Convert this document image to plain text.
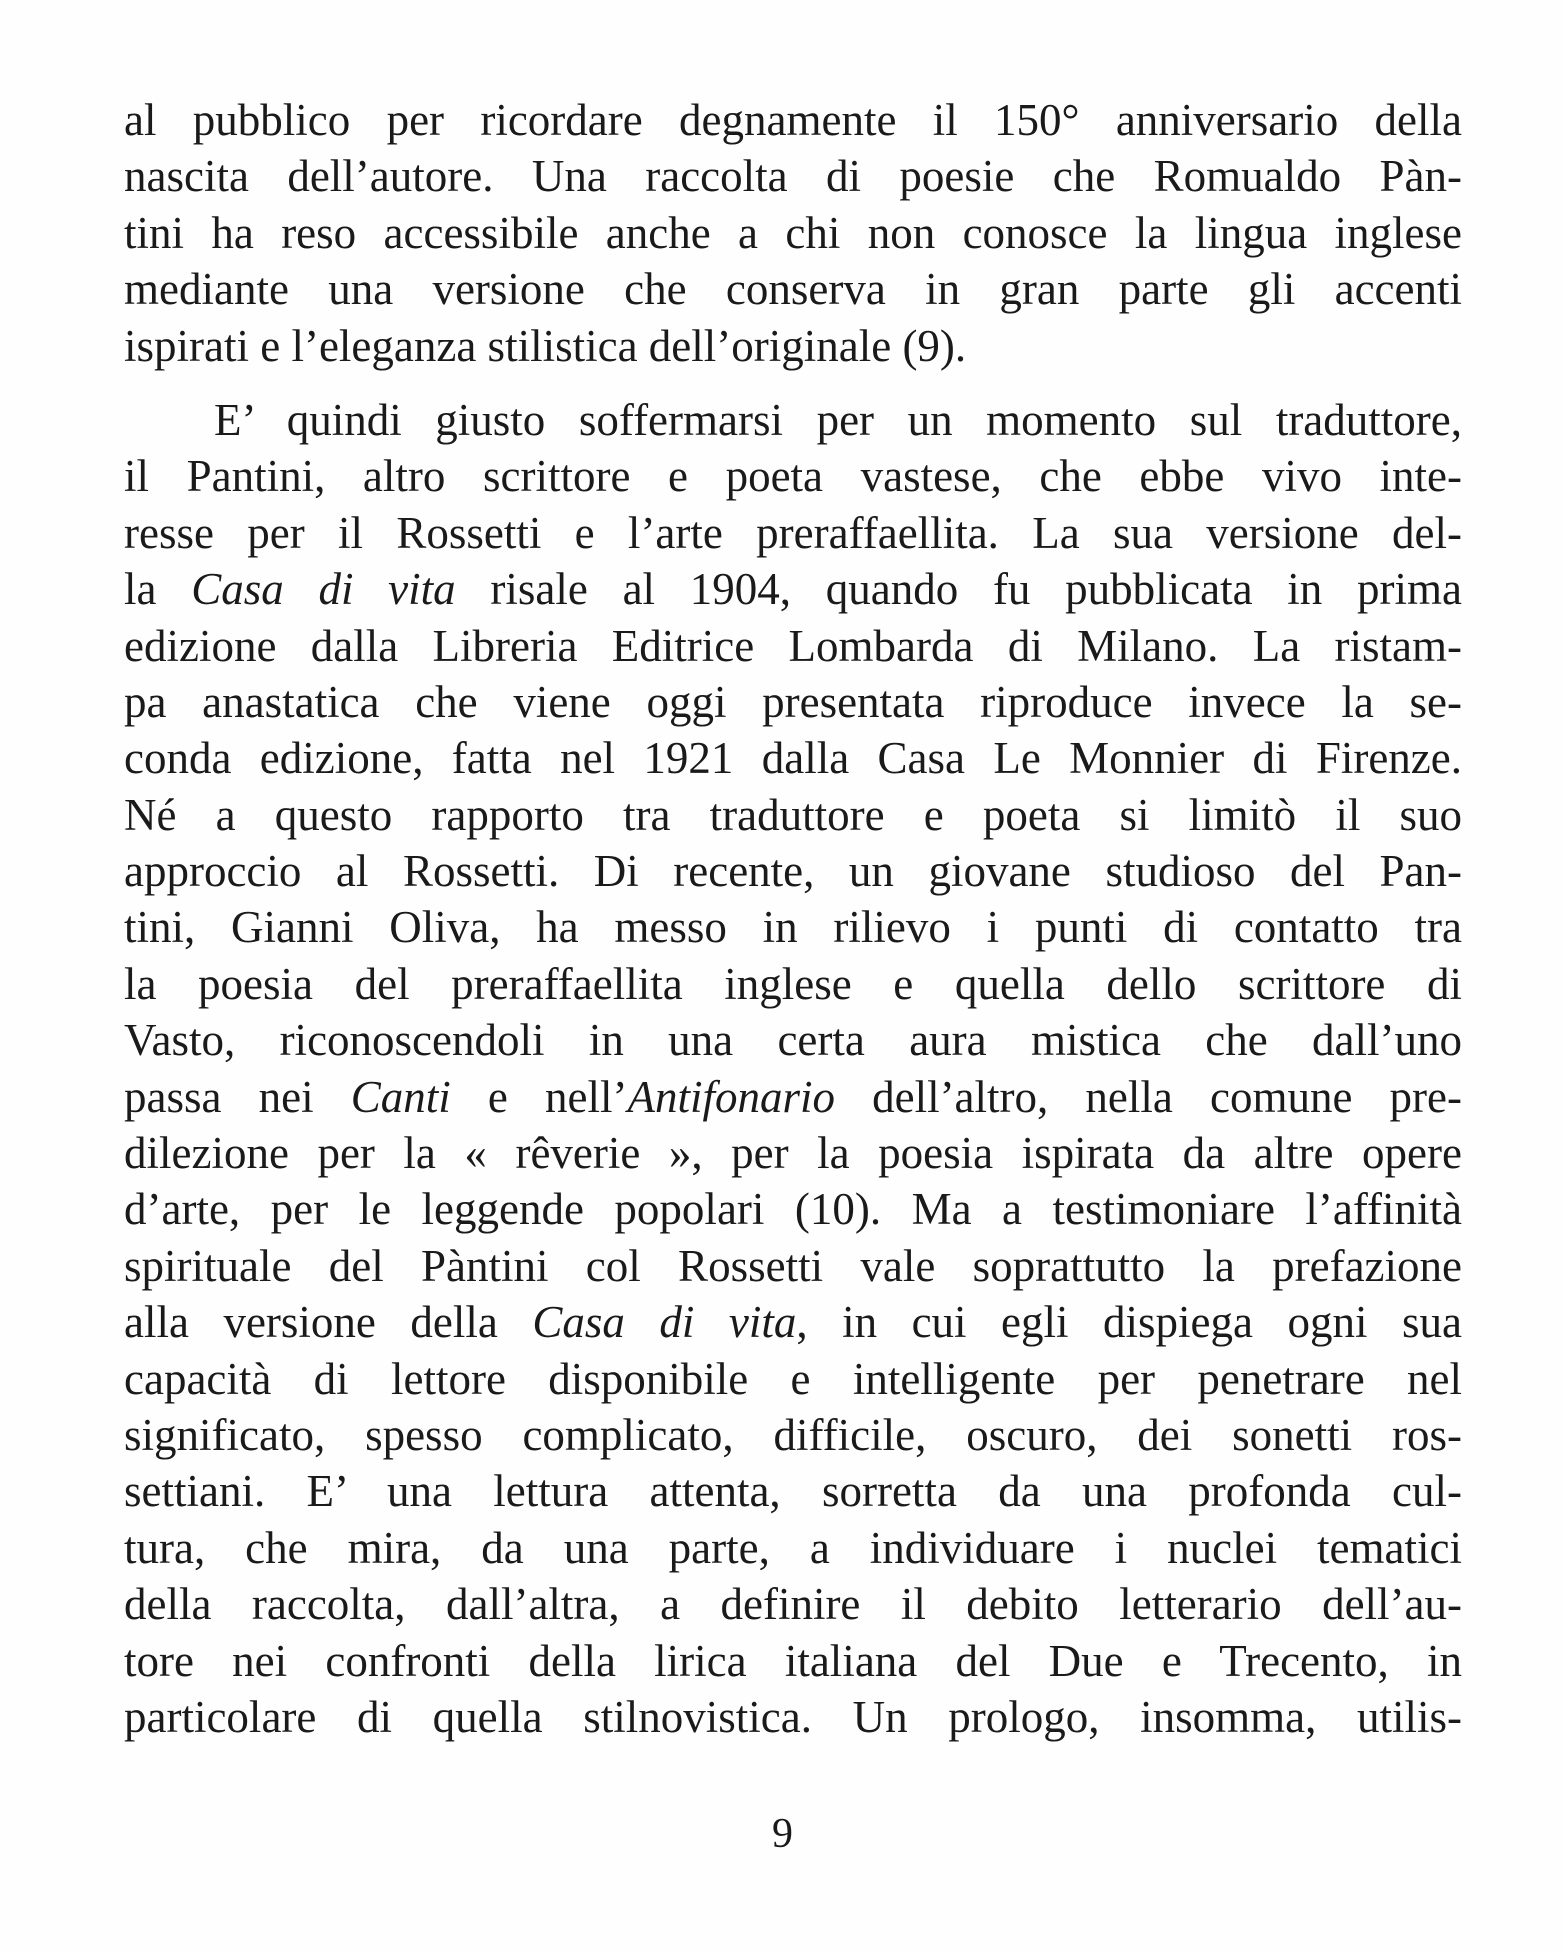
al pubblico per ricordare degnamente il 150° anniversario della
nascita dell’autore. Una raccolta di poesie che Romualdo Pàn-
tini ha reso accessibile anche a chi non conosce la lingua inglese
mediante una versione che conserva in gran parte gli accenti
ispirati e l’eleganza stilistica dell’originale (9).
E’ quindi giusto soffermarsi per un momento sul traduttore,
il Pantini, altro scrittore e poeta vastese, che ebbe vivo inte-
resse per il Rossetti e l’arte preraffaellita. La sua versione del-
la Casa di vita risale al 1904, quando fu pubblicata in prima
edizione dalla Libreria Editrice Lombarda di Milano. La ristam-
pa anastatica che viene oggi presentata riproduce invece la se-
conda edizione, fatta nel 1921 dalla Casa Le Monnier di Firenze.
Né a questo rapporto tra traduttore e poeta si limitò il suo
approccio al Rossetti. Di recente, un giovane studioso del Pan-
tini, Gianni Oliva, ha messo in rilievo i punti di contatto tra
la poesia del preraffaellita inglese e quella dello scrittore di
Vasto, riconoscendoli in una certa aura mistica che dall’uno
passa nei Canti e nell’Antifonario dell’altro, nella comune pre-
dilezione per la « rêverie », per la poesia ispirata da altre opere
d’arte, per le leggende popolari (10). Ma a testimoniare l’affinità
spirituale del Pàntini col Rossetti vale soprattutto la prefazione
alla versione della Casa di vita, in cui egli dispiega ogni sua
capacità di lettore disponibile e intelligente per penetrare nel
significato, spesso complicato, difficile, oscuro, dei sonetti ros-
settiani. E’ una lettura attenta, sorretta da una profonda cul-
tura, che mira, da una parte, a individuare i nuclei tematici
della raccolta, dall’altra, a definire il debito letterario dell’au-
tore nei confronti della lirica italiana del Due e Trecento, in
particolare di quella stilnovistica. Un prologo, insomma, utilis-
9
